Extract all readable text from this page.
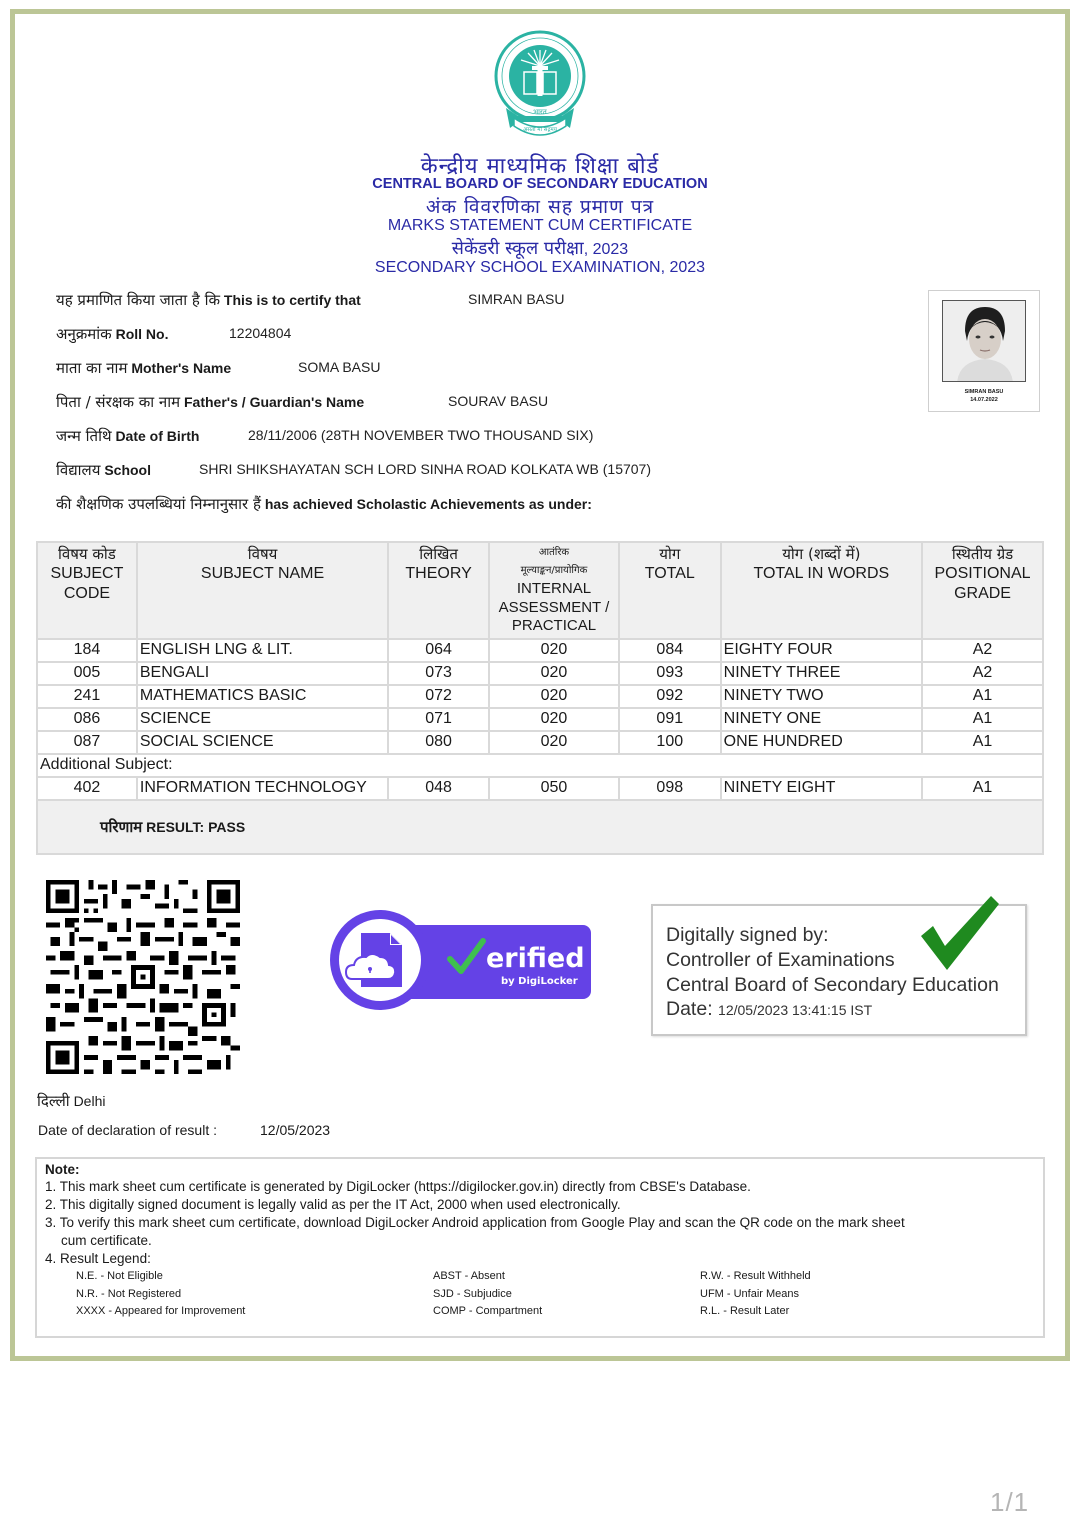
भारत
असतो मा सद्गमय
केन्द्रीय माध्यमिक शिक्षा बोर्ड
CENTRAL BOARD OF SECONDARY EDUCATION
अंक विवरणिका सह प्रमाण पत्र
MARKS STATEMENT CUM CERTIFICATE
सेकेंडरी स्कूल परीक्षा, 2023
SECONDARY SCHOOL EXAMINATION, 2023
यह प्रमाणित किया जाता है कि This is to certify that	SIMRAN BASU
अनुक्रमांक Roll No.	12204804
माता का नाम Mother's Name	SOMA BASU
पिता / संरक्षक का नाम Father's / Guardian's Name	SOURAV BASU
जन्म तिथि Date of Birth	28/11/2006 (28TH NOVEMBER TWO THOUSAND SIX)
विद्यालय School	SHRI SHIKSHAYATAN SCH LORD SINHA ROAD KOLKATA WB (15707)
की शैक्षणिक उपलब्धियां निम्नानुसार हैं has achieved Scholastic Achievements as under:
SIMRAN BASU
14.07.2022
विषय कोड
SUBJECT
CODE	विषय
SUBJECT NAME	लिखित
THEORY	आतंरिक
मूल्याङ्कन/प्रायोगिक
INTERNAL
ASSESSMENT /
PRACTICAL	योग
TOTAL	योग (शब्दों में)
TOTAL IN WORDS	स्थितीय ग्रेड
POSITIONAL
GRADE

184	ENGLISH LNG & LIT.	064	020	084	EIGHTY FOUR	A2
005	BENGALI	073	020	093	NINETY THREE	A2
241	MATHEMATICS BASIC	072	020	092	NINETY TWO	A1
086	SCIENCE	071	020	091	NINETY ONE	A1
087	SOCIAL SCIENCE	080	020	100	ONE HUNDRED	A1
Additional Subject:						
402	INFORMATION TECHNOLOGY	048	050	098	NINETY EIGHT	A1
परिणाम RESULT: PASS						
erified
by DigiLocker
Digitally signed by:
Controller of Examinations
Central Board of Secondary Education
Date: 12/05/2023 13:41:15 IST
दिल्ली Delhi
Date of declaration of result :	12/05/2023
Note:
1. This mark sheet cum certificate is generated by DigiLocker (https://digilocker.gov.in) directly from CBSE's Database.
2. This digitally signed document is legally valid as per the IT Act, 2000 when used electronically.
3. To verify this mark sheet cum certificate, download DigiLocker Android application from Google Play and scan the QR code on the mark sheet
cum certificate.
4. Result Legend:
N.E. - Not Eligible	ABST - Absent	R.W. - Result Withheld
N.R. - Not Registered	SJD - Subjudice	UFM - Unfair Means
XXXX - Appeared for Improvement	COMP - Compartment	R.L. - Result Later
1/1
